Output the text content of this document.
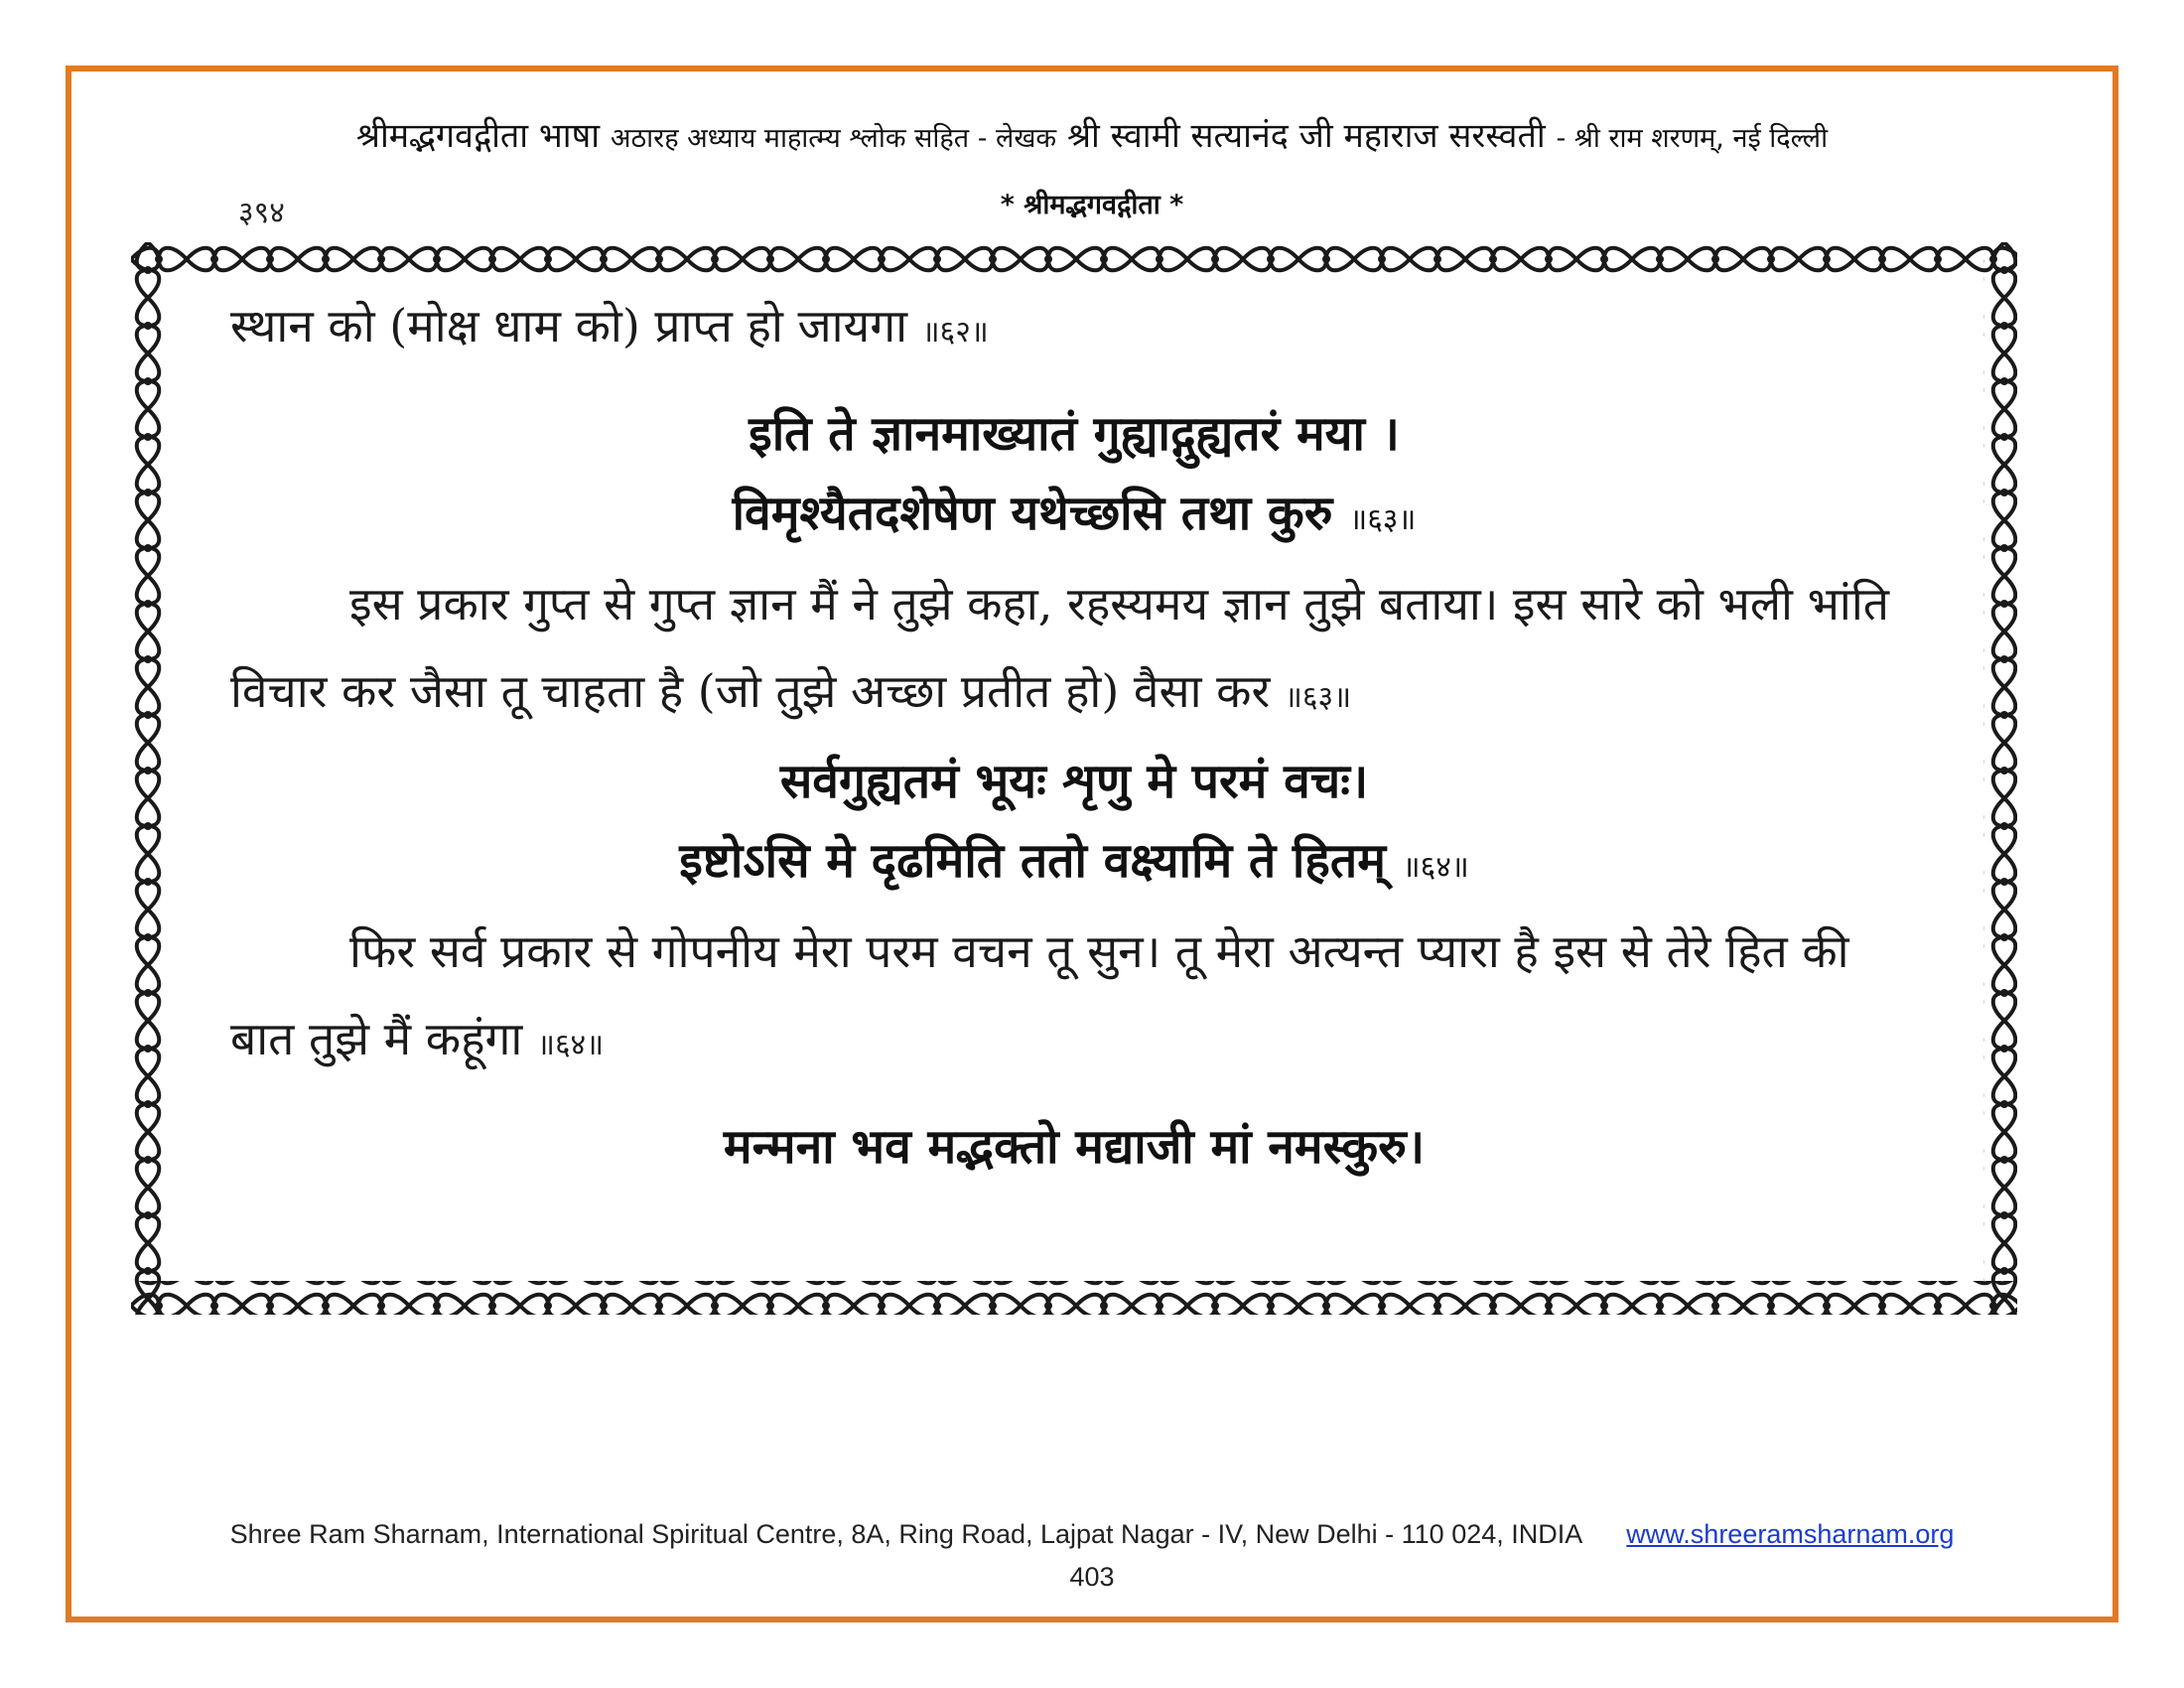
श्रीमद्भगवद्गीता भाषा अठारह अध्याय माहात्म्य श्लोक सहित - लेखक श्री स्वामी सत्यानंद जी महाराज सरस्वती - श्री राम शरणम्, नई दिल्ली
३९४	* श्रीमद्भगवद्गीता *

स्थान को (मोक्ष धाम को) प्राप्त हो जायगा ॥६२॥

इति ते ज्ञानमाख्यातं गुह्याद्गुह्यतरं मया ।

विमृश्यैतदशेषेण यथेच्छसि तथा कुरु ॥६३॥

इस प्रकार गुप्त से गुप्त ज्ञान मैं ने तुझे कहा, रहस्यमय ज्ञान तुझे बताया। इस सारे को भली भांति विचार कर जैसा तू चाहता है (जो तुझे अच्छा प्रतीत हो) वैसा कर ॥६३॥

सर्वगुह्यतमं भूयः शृणु मे परमं वचः।

इष्टोऽसि मे दृढमिति ततो वक्ष्यामि ते हितम् ॥६४॥

फिर सर्व प्रकार से गोपनीय मेरा परम वचन तू सुन। तू मेरा अत्यन्त प्यारा है इस से तेरे हित की बात तुझे मैं कहूंगा ॥६४॥

मन्मना भव मद्भक्तो मद्याजी मां नमस्कुरु।

Shree Ram Sharnam, International Spiritual Centre, 8A, Ring Road, Lajpat Nagar - IV, New Delhi - 110 024, INDIA www.shreeramsharnam.org
403
